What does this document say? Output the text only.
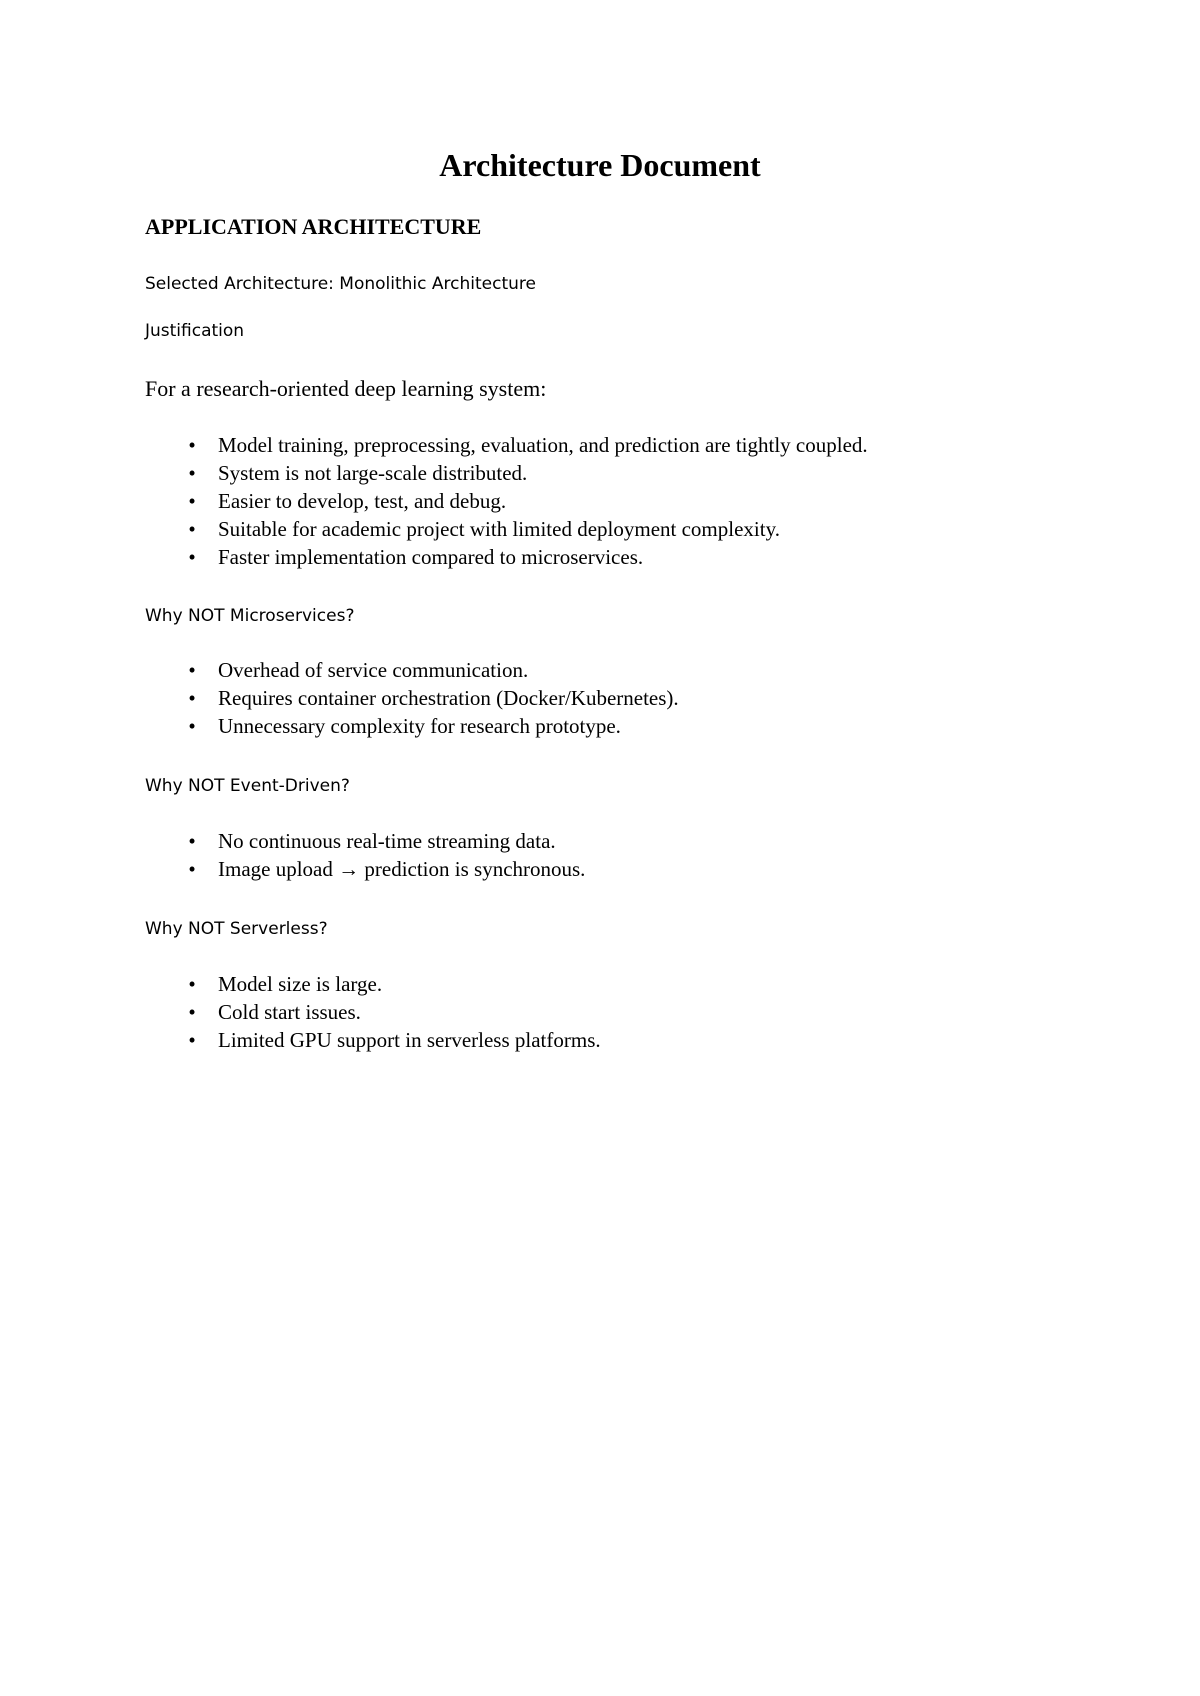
Architecture Document
APPLICATION ARCHITECTURE

Selected Architecture: Monolithic Architecture

Justification

For a research-oriented deep learning system:

• Model training, preprocessing, evaluation, and prediction are tightly coupled.
• System is not large-scale distributed.
• Easier to develop, test, and debug.
• Suitable for academic project with limited deployment complexity.
• Faster implementation compared to microservices.

Why NOT Microservices?

• Overhead of service communication.
• Requires container orchestration (Docker/Kubernetes).
• Unnecessary complexity for research prototype.

Why NOT Event-Driven?

• No continuous real-time streaming data.
• Image upload → prediction is synchronous.

Why NOT Serverless?

• Model size is large.
• Cold start issues.
• Limited GPU support in serverless platforms.
